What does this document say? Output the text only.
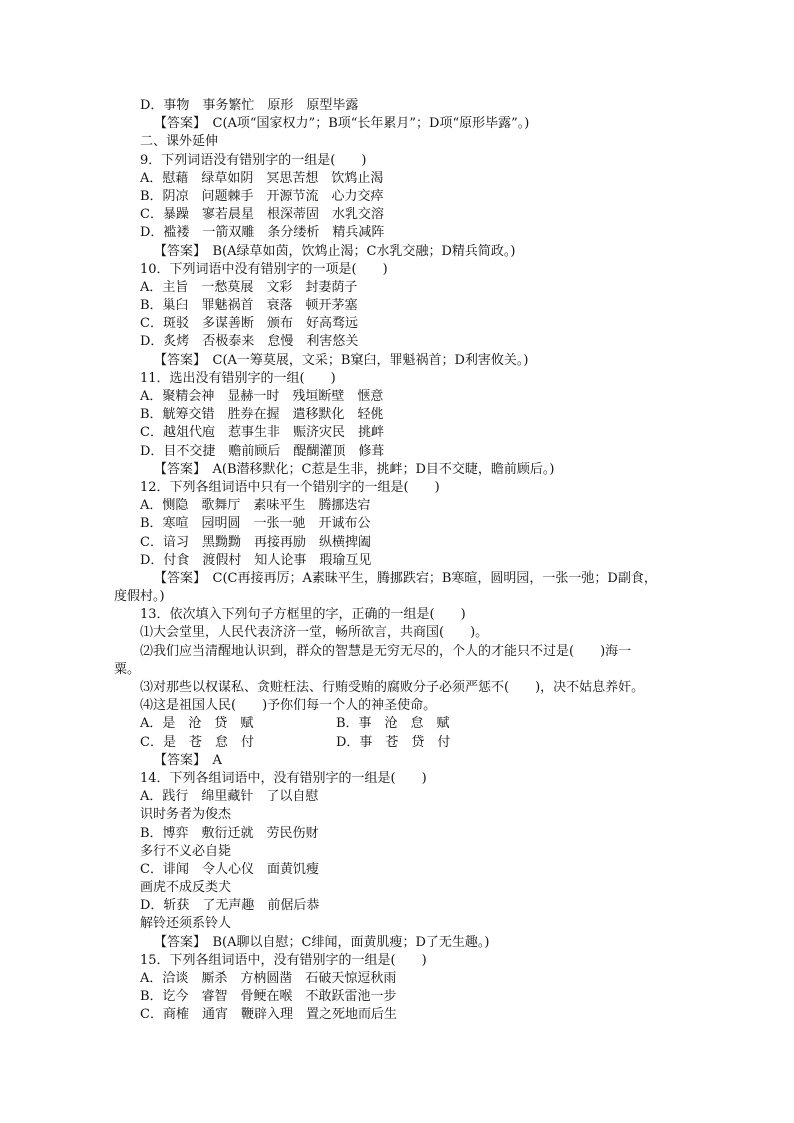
D．事物　事务繁忙　原形　原型毕露
【答案】　C(A项“国家权力”；B项“长年累月”；D项“原形毕露”。)
二、课外延伸
9．下列词语没有错别字的一组是(　　)
A．慰藉　绿草如阴　冥思苦想　饮鸩止渴
B．阴凉　问题棘手　开源节流　心力交瘁
C．暴躁　寥若晨星　根深蒂固　水乳交溶
D．褴褛　一箭双雕　条分缕析　精兵减阵
【答案】　B(A绿草如茵，饮鸩止渴；C水乳交融；D精兵简政。)
10．下列词语中没有错别字的一项是(　　)
A．主旨　一愁莫展　文彩　封妻荫子
B．巢臼　罪魅祸首　衰落　顿开茅塞
C．斑驳　多谋善断　颁布　好高骛远
D．炙烤　否极泰来　怠慢　利害悠关
【答案】　C(A一筹莫展，文采；B窠臼，罪魁祸首；D利害攸关。)
11．选出没有错别字的一组(　　)
A．聚精会神　显赫一时　残垣断壁　惬意
B．觥筹交错　胜券在握　遣移默化　轻佻
C．越俎代庖　惹事生非　赈济灾民　挑衅
D．目不交捷　赡前顾后　醍醐灌顶　修葺
【答案】　A(B潜移默化；C惹是生非，挑衅；D目不交睫，瞻前顾后。)
12．下列各组词语中只有一个错别字的一组是(　　)
A．恻隐　歌舞厅　素味平生　腾挪迭宕
B．寒喧　园明圆　一张一驰　开诚布公
C．谙习　黑黝黝　再接再励　纵横捭阖
D．付食　渡假村　知人论事　瑕瑜互见
【答案】　C(C再接再厉；A素昧平生，腾挪跌宕；B寒暄，圆明园，一张一弛；D副食，
度假村。)
13．依次填入下列句子方框里的字，正确的一组是(　　)
⑴大会堂里，人民代表济济一堂，畅所欲言，共商国(　　)。
⑵我们应当清醒地认识到，群众的智慧是无穷无尽的，个人的才能只不过是(　　)海一
粟。
⑶对那些以权谋私、贪赃枉法、行贿受贿的腐败分子必须严惩不(　　)，决不姑息养奸。
⑷这是祖国人民(　　)予你们每一个人的神圣使命。
A．是　沧　贷　赋	B．事　沧　怠　赋
C．是　苍　怠　付	D．事　苍　贷　付
【答案】　A
14．下列各组词语中，没有错别字的一组是(　　)
A．践行　绵里藏针　了以自慰
识时务者为俊杰
B．博弈　敷衍迁就　劳民伤财
多行不义必自毙
C．诽闻　令人心仪　面黄饥瘦
画虎不成反类犬
D．斩获　了无声趣　前倨后恭
解铃还须系铃人
【答案】　B(A聊以自慰；C绯闻，面黄肌瘦；D了无生趣。)
15．下列各组词语中，没有错别字的一组是(　　)
A．洽谈　厮杀　方枘圆凿　石破天惊逗秋雨
B．讫今　睿智　骨鲠在喉　不敢跃雷池一步
C．商榷　通宵　鞭辟入理　置之死地而后生
